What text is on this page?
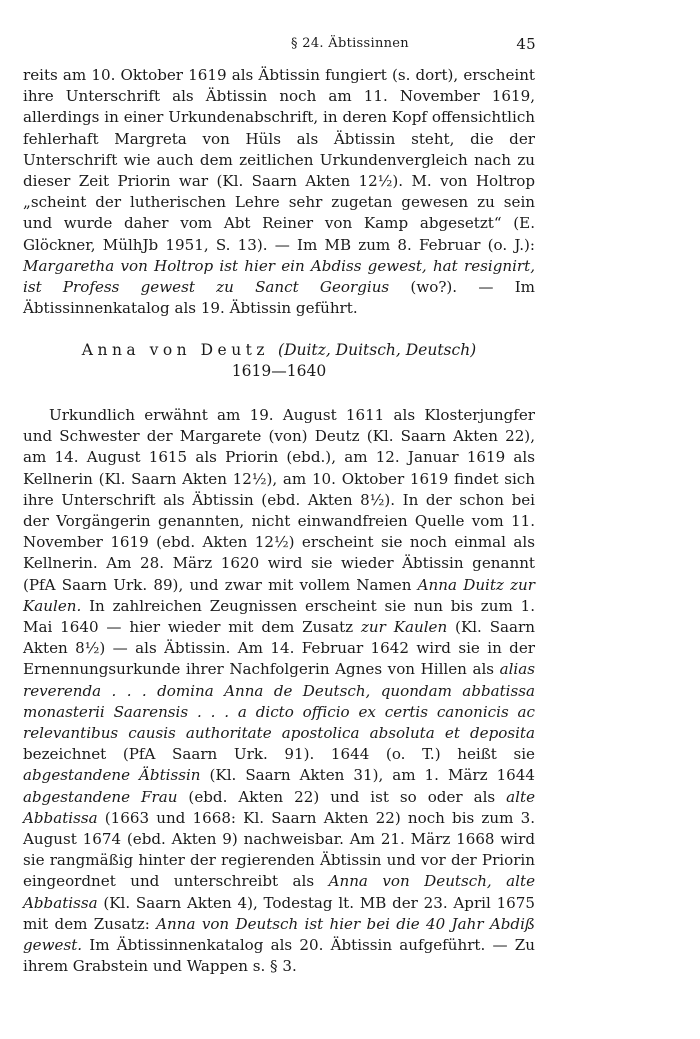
§ 24. Äbtissinnen	45

reits am 10. Oktober 1619 als Äbtissin fungiert (s. dort), erscheint ihre Unterschrift als Äbtissin noch am 11. November 1619, allerdings in einer Urkundenabschrift, in deren Kopf offensichtlich fehlerhaft Margreta von Hüls als Äbtissin steht, die der Unterschrift wie auch dem zeitlichen Urkundenvergleich nach zu dieser Zeit Priorin war (Kl. Saarn Akten 12½). M. von Holtrop „scheint der lutherischen Lehre sehr zugetan gewesen zu sein und wurde daher vom Abt Reiner von Kamp abgesetzt“ (E. Glöckner, MülhJb 1951, S. 13). — Im MB zum 8. Februar (o. J.): Margaretha von Holtrop ist hier ein Abdiss gewest, hat resignirt, ist Profess gewest zu Sanct Georgius (wo?). — Im Äbtissinnenkatalog als 19. Äbtissin geführt.

Anna von Deutz (Duitz, Duitsch, Deutsch)
1619—1640

Urkundlich erwähnt am 19. August 1611 als Klosterjungfer und Schwester der Margarete (von) Deutz (Kl. Saarn Akten 22), am 14. August 1615 als Priorin (ebd.), am 12. Januar 1619 als Kellnerin (Kl. Saarn Akten 12½), am 10. Oktober 1619 findet sich ihre Unterschrift als Äbtissin (ebd. Akten 8½). In der schon bei der Vorgängerin genannten, nicht einwandfreien Quelle vom 11. November 1619 (ebd. Akten 12½) erscheint sie noch einmal als Kellnerin. Am 28. März 1620 wird sie wieder Äbtissin genannt (PfA Saarn Urk. 89), und zwar mit vollem Namen Anna Duitz zur Kaulen. In zahlreichen Zeugnissen erscheint sie nun bis zum 1. Mai 1640 — hier wieder mit dem Zusatz zur Kaulen (Kl. Saarn Akten 8½) — als Äbtissin. Am 14. Februar 1642 wird sie in der Ernennungsurkunde ihrer Nachfolgerin Agnes von Hillen als alias reverenda . . . domina Anna de Deutsch, quondam abbatissa monasterii Saarensis . . . a dicto officio ex certis canonicis ac relevantibus causis authoritate apostolica absoluta et deposita bezeichnet (PfA Saarn Urk. 91). 1644 (o. T.) heißt sie abgestandene Äbtissin (Kl. Saarn Akten 31), am 1. März 1644 abgestandene Frau (ebd. Akten 22) und ist so oder als alte Abbatissa (1663 und 1668: Kl. Saarn Akten 22) noch bis zum 3. August 1674 (ebd. Akten 9) nachweisbar. Am 21. März 1668 wird sie rangmäßig hinter der regierenden Äbtissin und vor der Priorin eingeordnet und unterschreibt als Anna von Deutsch, alte Abbatissa (Kl. Saarn Akten 4), Todestag lt. MB der 23. April 1675 mit dem Zusatz: Anna von Deutsch ist hier bei die 40 Jahr Abdiß gewest. Im Äbtissinnenkatalog als 20. Äbtissin aufgeführt. — Zu ihrem Grabstein und Wappen s. § 3.
